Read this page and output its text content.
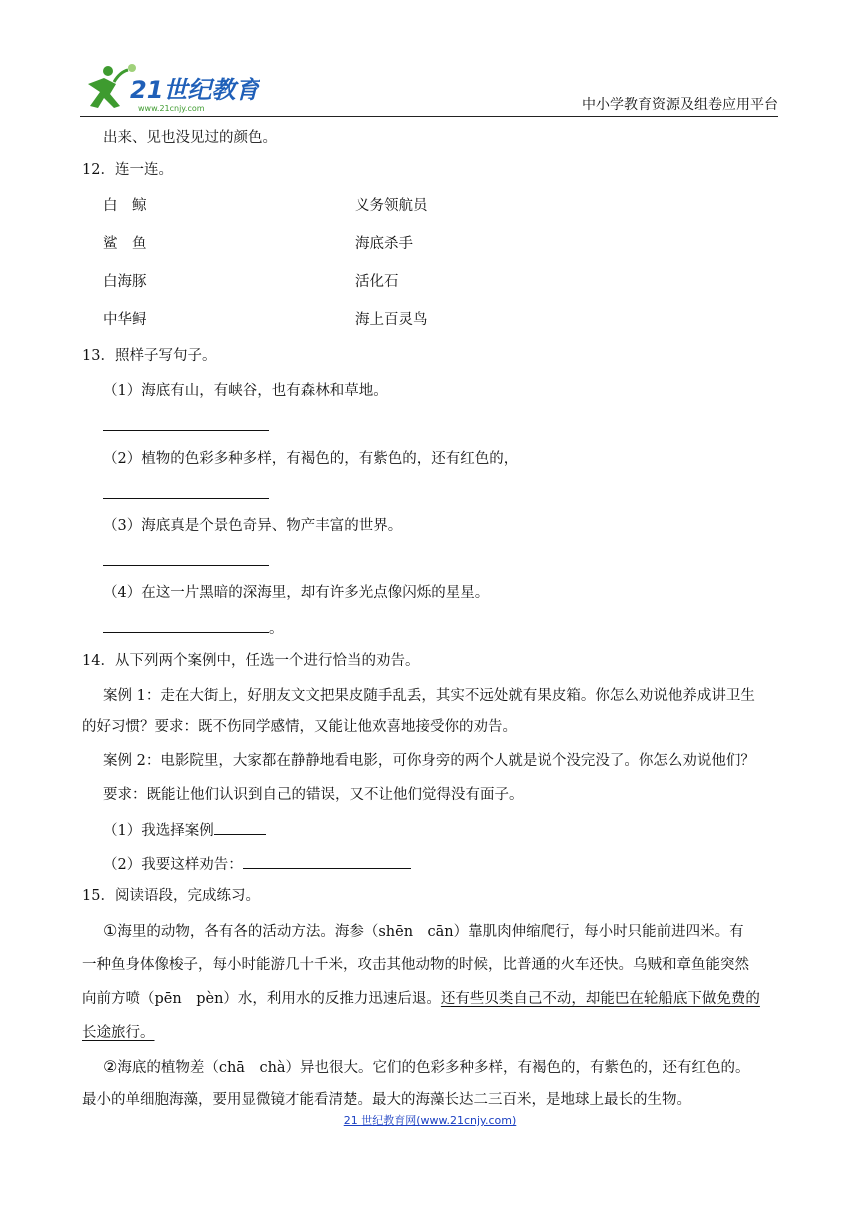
21世纪教育
www.21cnjy.com	中小学教育资源及组卷应用平台
出来、见也没见过的颜色。
12．连一连。
白　鲸	义务领航员
鲨　鱼	海底杀手
白海豚	活化石
中华鲟	海上百灵鸟
13．照样子写句子。
（1）海底有山，有峡谷，也有森林和草地。
（2）植物的色彩多种多样，有褐色的，有紫色的，还有红色的，
（3）海底真是个景色奇异、物产丰富的世界。
（4）在这一片黑暗的深海里，却有许多光点像闪烁的星星。
。
14．从下列两个案例中，任选一个进行恰当的劝告。
案例 1：走在大街上，好朋友文文把果皮随手乱丢，其实不远处就有果皮箱。你怎么劝说他养成讲卫生
的好习惯？要求：既不伤同学感情，又能让他欢喜地接受你的劝告。
案例 2：电影院里，大家都在静静地看电影，可你身旁的两个人就是说个没完没了。你怎么劝说他们？
要求：既能让他们认识到自己的错误，又不让他们觉得没有面子。
（1）我选择案例
（2）我要这样劝告：
15．阅读语段，完成练习。
①海里的动物，各有各的活动方法。海参（shēn　cān）靠肌肉伸缩爬行，每小时只能前进四米。有
一种鱼身体像梭子，每小时能游几十千米，攻击其他动物的时候，比普通的火车还快。乌贼和章鱼能突然
向前方喷（pēn　pèn）水，利用水的反推力迅速后退。还有些贝类自己不动，却能巴在轮船底下做免费的
长途旅行。
②海底的植物差（chā　chà）异也很大。它们的色彩多种多样，有褐色的，有紫色的，还有红色的。
最小的单细胞海藻，要用显微镜才能看清楚。最大的海藻长达二三百米，是地球上最长的生物。
21 世纪教育网(www.21cnjy.com)
